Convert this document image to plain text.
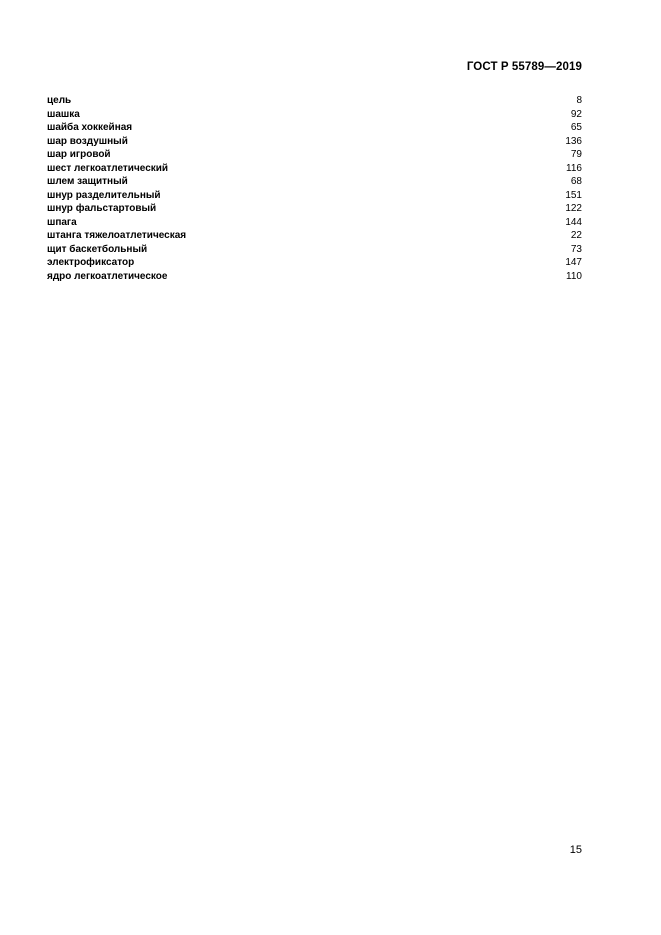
ГОСТ Р 55789—2019
цель	8
шашка	92
шайба хоккейная	65
шар воздушный	136
шар игровой	79
шест легкоатлетический	116
шлем защитный	68
шнур разделительный	151
шнур фальстартовый	122
шпага	144
штанга тяжелоатлетическая	22
щит баскетбольный	73
электрофиксатор	147
ядро легкоатлетическое	110
15
